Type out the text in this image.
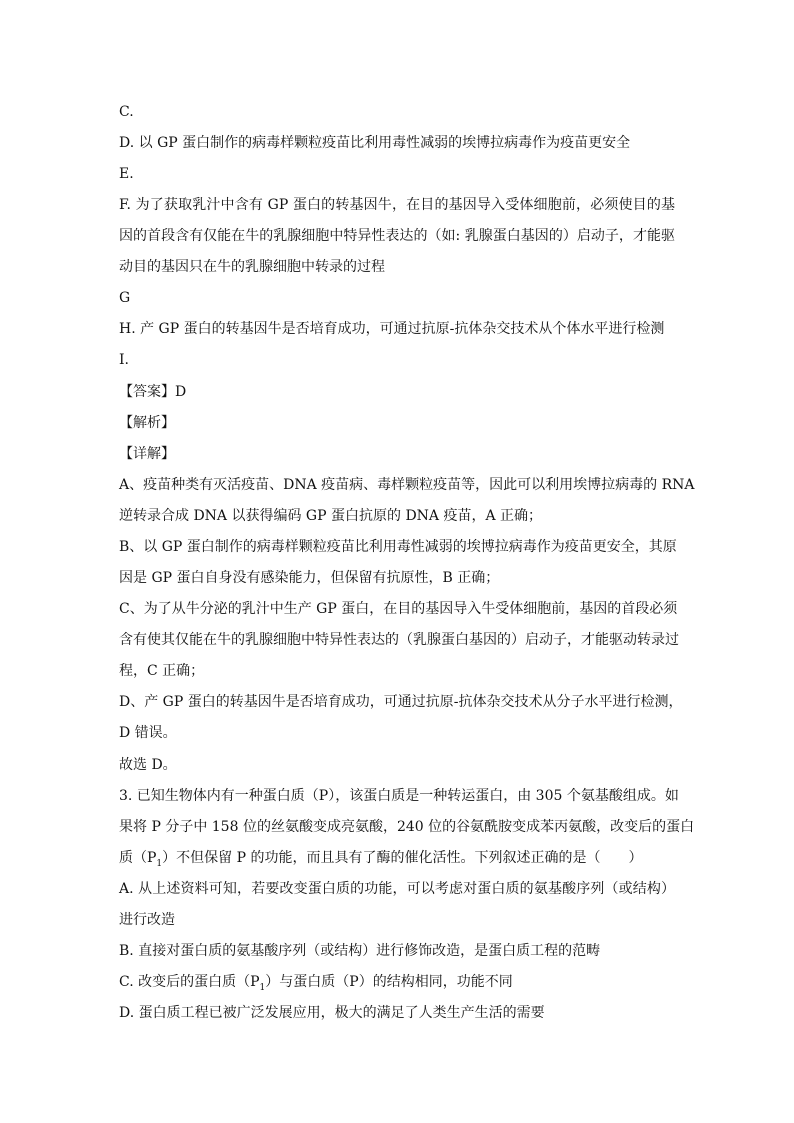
C.
D. 以 GP 蛋白制作的病毒样颗粒疫苗比利用毒性减弱的埃博拉病毒作为疫苗更安全
E.
F. 为了获取乳汁中含有 GP 蛋白的转基因牛，在目的基因导入受体细胞前，必须使目的基
因的首段含有仅能在牛的乳腺细胞中特异性表达的（如: 乳腺蛋白基因的）启动子，才能驱
动目的基因只在牛的乳腺细胞中转录的过程
G
H. 产 GP 蛋白的转基因牛是否培育成功，可通过抗原-抗体杂交技术从个体水平进行检测
I.
【答案】D
【解析】
【详解】
A、疫苗种类有灭活疫苗、DNA 疫苗病、毒样颗粒疫苗等，因此可以利用埃博拉病毒的 RNA
逆转录合成 DNA 以获得编码 GP 蛋白抗原的 DNA 疫苗，A 正确；
B、以 GP 蛋白制作的病毒样颗粒疫苗比利用毒性减弱的埃博拉病毒作为疫苗更安全，其原
因是 GP 蛋白自身没有感染能力，但保留有抗原性，B 正确；
C、为了从牛分泌的乳汁中生产 GP 蛋白，在目的基因导入牛受体细胞前，基因的首段必须
含有使其仅能在牛的乳腺细胞中特异性表达的（乳腺蛋白基因的）启动子，才能驱动转录过
程，C 正确；
D、产 GP 蛋白的转基因牛是否培育成功，可通过抗原-抗体杂交技术从分子水平进行检测，
D 错误。
故选 D。
3. 已知生物体内有一种蛋白质（P），该蛋白质是一种转运蛋白，由 305 个氨基酸组成。如
果将 P 分子中 158 位的丝氨酸变成亮氨酸，240 位的谷氨酰胺变成苯丙氨酸，改变后的蛋白
质$(P_1)$不但保留 P 的功能，而且具有了酶的催化活性。下列叙述正确的是（　　）
A. 从上述资料可知，若要改变蛋白质的功能，可以考虑对蛋白质的氨基酸序列（或结构）
进行改造
B. 直接对蛋白质的氨基酸序列（或结构）进行修饰改造，是蛋白质工程的范畴
C. 改变后的蛋白质$(P_1)$与蛋白质（P）的结构相同，功能不同
D. 蛋白质工程已被广泛发展应用，极大的满足了人类生产生活的需要
